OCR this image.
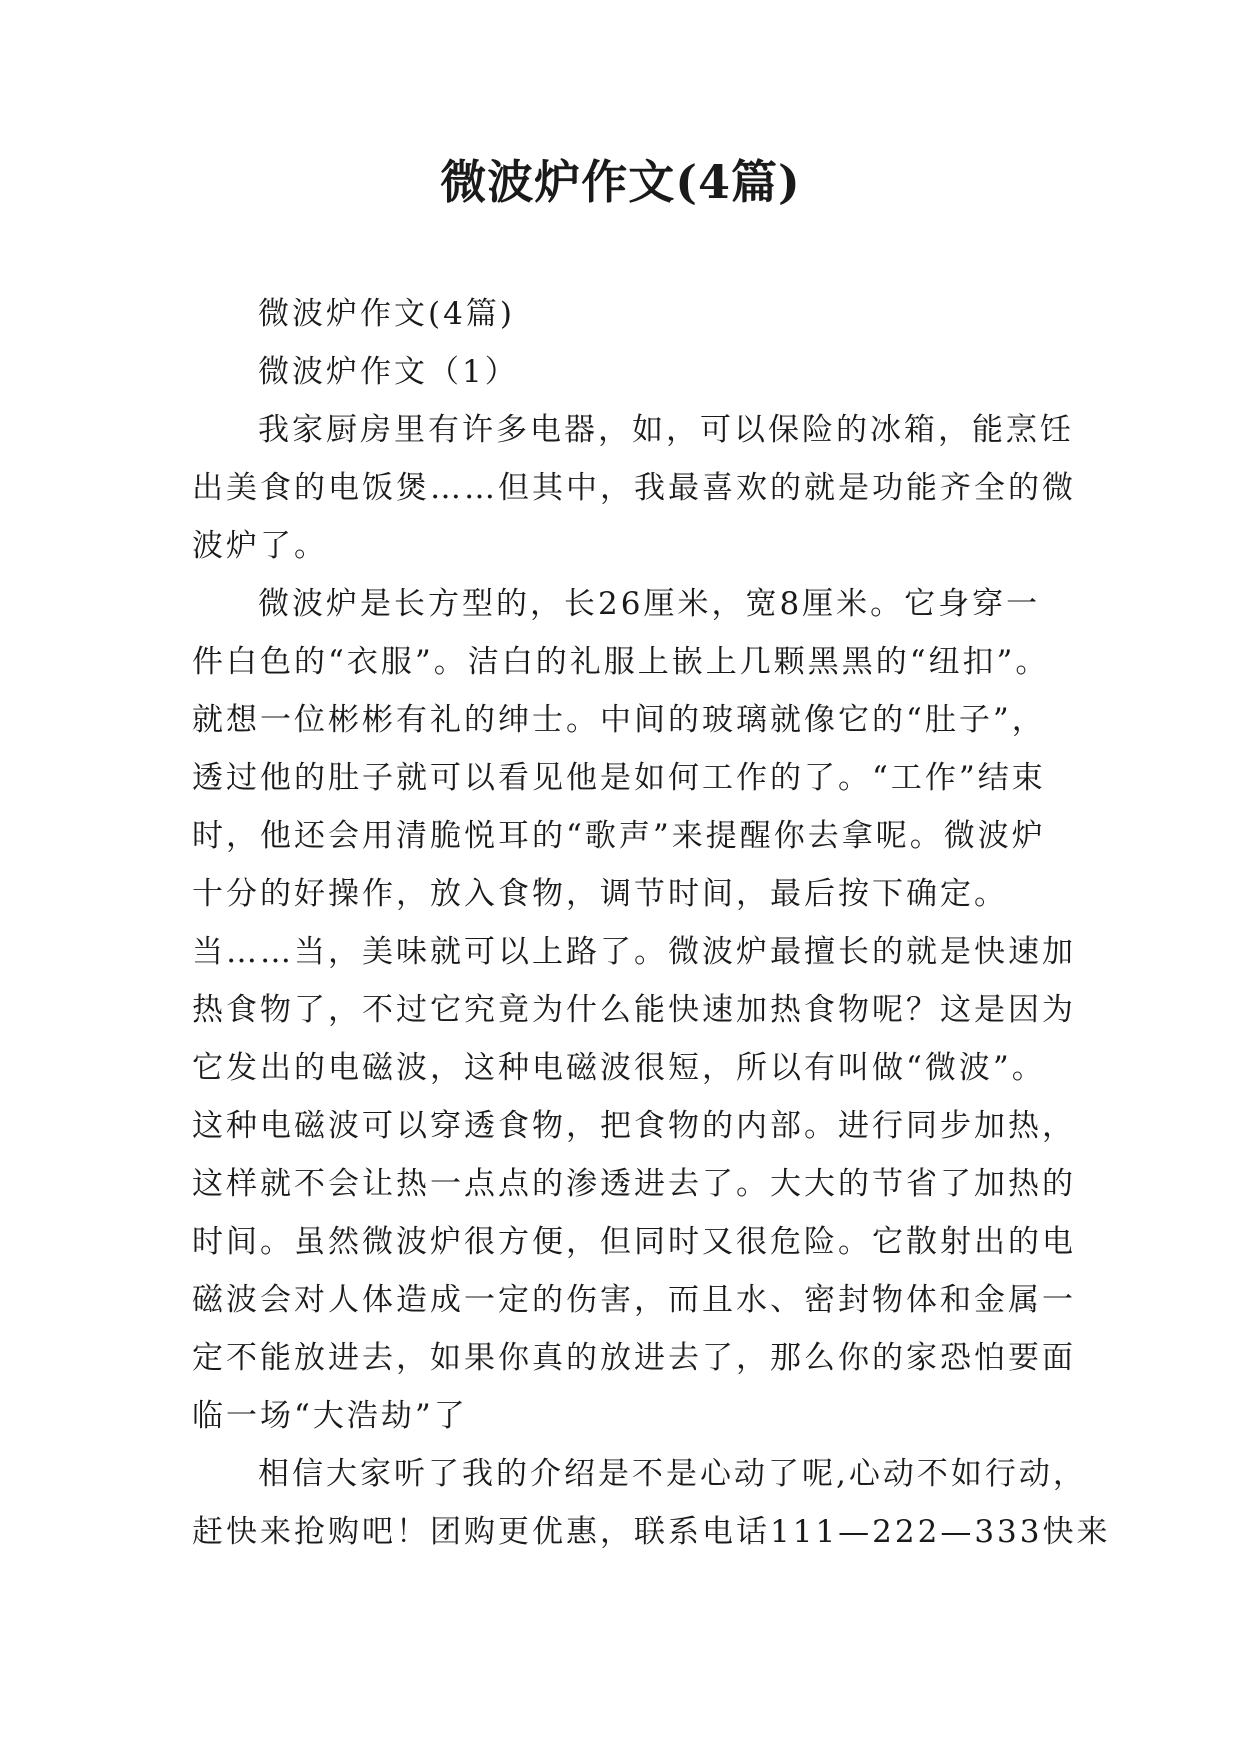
微波炉作文(4篇)

微波炉作文(4篇)

微波炉作文（1）

我家厨房里有许多电器，如，可以保险的冰箱，能烹饪

出美食的电饭煲……但其中，我最喜欢的就是功能齐全的微

波炉了。

微波炉是长方型的，长26厘米，宽8厘米。它身穿一

件白色的“衣服”。洁白的礼服上嵌上几颗黑黑的“纽扣”。

就想一位彬彬有礼的绅士。中间的玻璃就像它的“肚子”，

透过他的肚子就可以看见他是如何工作的了。“工作”结束

时，他还会用清脆悦耳的“歌声”来提醒你去拿呢。微波炉

十分的好操作，放入食物，调节时间，最后按下确定。

当……当，美味就可以上路了。微波炉最擅长的就是快速加

热食物了，不过它究竟为什么能快速加热食物呢？这是因为

它发出的电磁波，这种电磁波很短，所以有叫做“微波”。

这种电磁波可以穿透食物，把食物的内部。进行同步加热，

这样就不会让热一点点的渗透进去了。大大的节省了加热的

时间。虽然微波炉很方便，但同时又很危险。它散射出的电

磁波会对人体造成一定的伤害，而且水、密封物体和金属一

定不能放进去，如果你真的放进去了，那么你的家恐怕要面

临一场“大浩劫”了

相信大家听了我的介绍是不是心动了呢,心动不如行动，

赶快来抢购吧！团购更优惠，联系电话111—222—333快来
